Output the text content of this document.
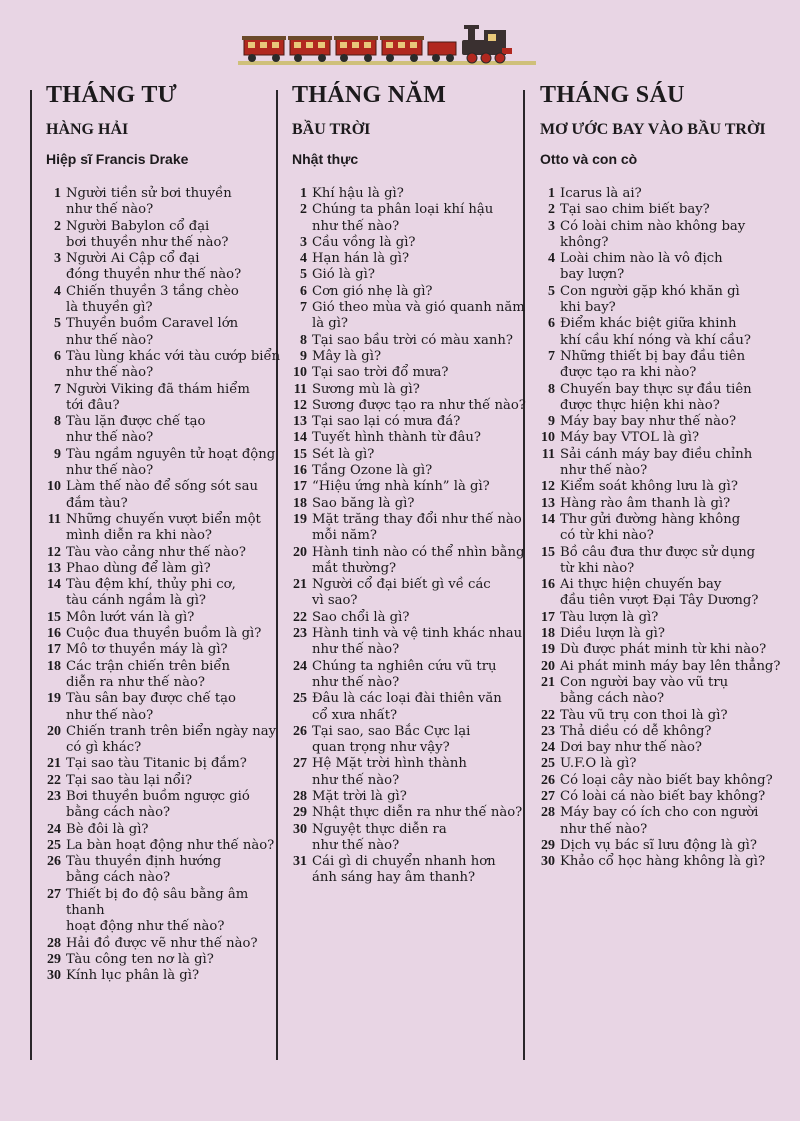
THÁNG TƯ
HÀNG HẢI
Hiệp sĩ Francis Drake
1 Người tiền sử bơi thuyền
như thế nào?
2 Người Babylon cổ đại
bơi thuyền như thế nào?
3 Người Ai Cập cổ đại
đóng thuyền như thế nào?
4 Chiến thuyền 3 tầng chèo
là thuyền gì?
5 Thuyền buồm Caravel lớn
như thế nào?
6 Tàu lùng khác với tàu cướp biển
như thế nào?
7 Người Viking đã thám hiểm
tới đâu?
8 Tàu lặn được chế tạo
như thế nào?
9 Tàu ngầm nguyên tử hoạt động
như thế nào?
10 Làm thế nào để sống sót sau
đắm tàu?
11 Những chuyến vượt biển một
mình diễn ra khi nào?
12 Tàu vào cảng như thế nào?
13 Phao dùng để làm gì?
14 Tàu đệm khí, thủy phi cơ,
tàu cánh ngầm là gì?
15 Môn lướt ván là gì?
16 Cuộc đua thuyền buồm là gì?
17 Mô tơ thuyền máy là gì?
18 Các trận chiến trên biển
diễn ra như thế nào?
19 Tàu sân bay được chế tạo
như thế nào?
20 Chiến tranh trên biển ngày nay
có gì khác?
21 Tại sao tàu Titanic bị đắm?
22 Tại sao tàu lại nổi?
23 Bơi thuyền buồm ngược gió
bằng cách nào?
24 Bè đôi là gì?
25 La bàn hoạt động như thế nào?
26 Tàu thuyền định hướng
bằng cách nào?
27 Thiết bị đo độ sâu bằng âm thanh
hoạt động như thế nào?
28 Hải đồ được vẽ như thế nào?
29 Tàu công ten nơ là gì?
30 Kính lục phân là gì?
THÁNG NĂM
BẦU TRỜI
Nhật thực
1 Khí hậu là gì?
2 Chúng ta phân loại khí hậu
như thế nào?
3 Cầu vồng là gì?
4 Hạn hán là gì?
5 Gió là gì?
6 Cơn gió nhẹ là gì?
7 Gió theo mùa và gió quanh năm
là gì?
8 Tại sao bầu trời có màu xanh?
9 Mây là gì?
10 Tại sao trời đổ mưa?
11 Sương mù là gì?
12 Sương được tạo ra như thế nào?
13 Tại sao lại có mưa đá?
14 Tuyết hình thành từ đâu?
15 Sét là gì?
16 Tầng Ozone là gì?
17 “Hiệu ứng nhà kính” là gì?
18 Sao băng là gì?
19 Mặt trăng thay đổi như thế nào
mỗi năm?
20 Hành tinh nào có thể nhìn bằng
mắt thường?
21 Người cổ đại biết gì về các
vì sao?
22 Sao chổi là gì?
23 Hành tinh và vệ tinh khác nhau
như thế nào?
24 Chúng ta nghiên cứu vũ trụ
như thế nào?
25 Đâu là các loại đài thiên văn
cổ xưa nhất?
26 Tại sao, sao Bắc Cực lại
quan trọng như vậy?
27 Hệ Mặt trời hình thành
như thế nào?
28 Mặt trời là gì?
29 Nhật thực diễn ra như thế nào?
30 Nguyệt thực diễn ra
như thế nào?
31 Cái gì di chuyển nhanh hơn
ánh sáng hay âm thanh?
THÁNG SÁU
MƠ ƯỚC BAY VÀO BẦU TRỜI
Otto và con cò
1 Icarus là ai?
2 Tại sao chim biết bay?
3 Có loài chim nào không bay
không?
4 Loài chim nào là vô địch
bay lượn?
5 Con người gặp khó khăn gì
khi bay?
6 Điểm khác biệt giữa khinh
khí cầu khí nóng và khí cầu?
7 Những thiết bị bay đầu tiên
được tạo ra khi nào?
8 Chuyến bay thực sự đầu tiên
được thực hiện khi nào?
9 Máy bay bay như thế nào?
10 Máy bay VTOL là gì?
11 Sải cánh máy bay điều chỉnh
như thế nào?
12 Kiểm soát không lưu là gì?
13 Hàng rào âm thanh là gì?
14 Thư gửi đường hàng không
có từ khi nào?
15 Bồ câu đưa thư được sử dụng
từ khi nào?
16 Ai thực hiện chuyến bay
đầu tiên vượt Đại Tây Dương?
17 Tàu lượn là gì?
18 Diều lượn là gì?
19 Dù được phát minh từ khi nào?
20 Ai phát minh máy bay lên thẳng?
21 Con người bay vào vũ trụ
bằng cách nào?
22 Tàu vũ trụ con thoi là gì?
23 Thả diều có dễ không?
24 Dơi bay như thế nào?
25 U.F.O là gì?
26 Có loại cây nào biết bay không?
27 Có loài cá nào biết bay không?
28 Máy bay có ích cho con người
như thế nào?
29 Dịch vụ bác sĩ lưu động là gì?
30 Khảo cổ học hàng không là gì?
